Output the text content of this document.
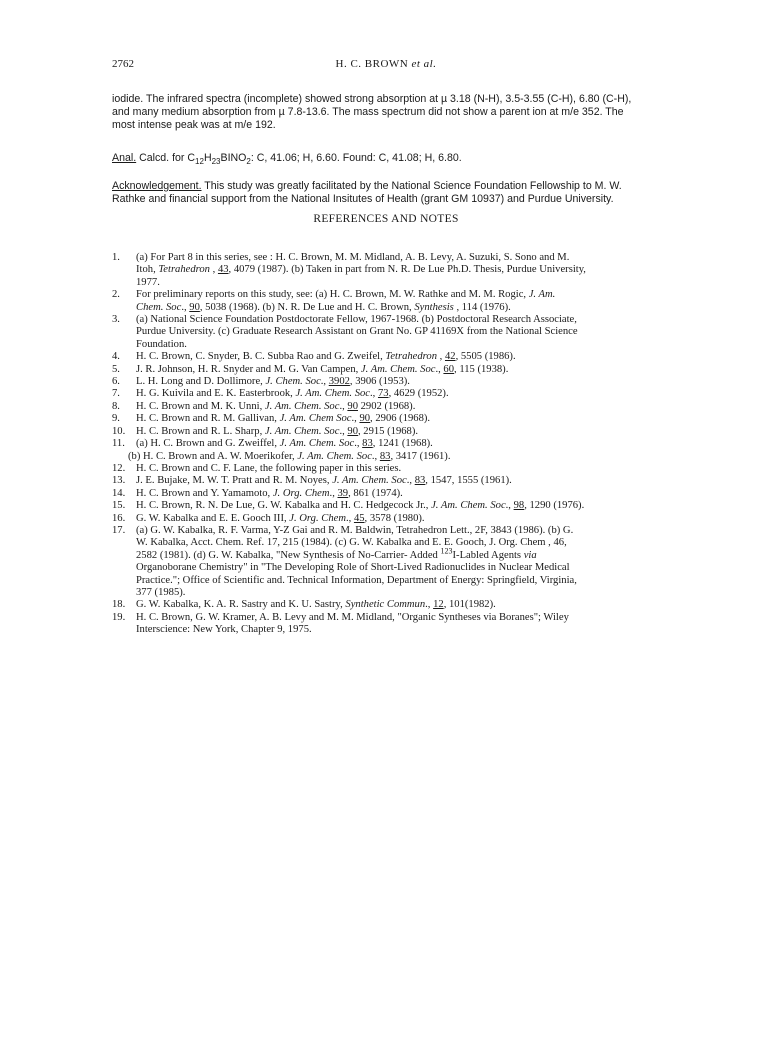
2762	H. C. BROWN et al.
iodide. The infrared spectra (incomplete) showed strong absorption at µ 3.18 (N-H), 3.5-3.55 (C-H), 6.80 (C-H),
and many medium absorption from µ 7.8-13.6. The mass spectrum did not show a parent ion at m/e 352. The
most intense peak was at m/e 192.
Anal. Calcd. for $C_{12}H_{23}BINO_2$: C, 41.06; H, 6.60. Found: C, 41.08; H, 6.80.
Acknowledgement. This study was greatly facilitated by the National Science Foundation Fellowship to M. W.
Rathke and financial support from the National Insitutes of Health (grant GM 10937) and Purdue University.
REFERENCES AND NOTES
1. (a) For Part 8 in this series, see : H. C. Brown, M. M. Midland, A. B. Levy, A. Suzuki, S. Sono and M.
Itoh, Tetrahedron , 43, 4079 (1987). (b) Taken in part from N. R. De Lue Ph.D. Thesis, Purdue University,
1977.
2. For preliminary reports on this study, see: (a) H. C. Brown, M. W. Rathke and M. M. Rogic, J. Am.
Chem. Soc., 90, 5038 (1968). (b) N. R. De Lue and H. C. Brown, Synthesis , 114 (1976).
3. (a) National Science Foundation Postdoctorate Fellow, 1967-1968. (b) Postdoctoral Research Associate,
Purdue University. (c) Graduate Research Assistant on Grant No. GP 41169X from the National Science
Foundation.
4. H. C. Brown, C. Snyder, B. C. Subba Rao and G. Zweifel, Tetrahedron , 42, 5505 (1986).
5. J. R. Johnson, H. R. Snyder and M. G. Van Campen, J. Am. Chem. Soc., 60, 115 (1938).
6. L. H. Long and D. Dollimore, J. Chem. Soc., 3902, 3906 (1953).
7. H. G. Kuivila and E. K. Easterbrook, J. Am. Chem. Soc., 73, 4629 (1952).
8. H. C. Brown and M. K. Unni, J. Am. Chem. Soc., 90 2902 (1968).
9. H. C. Brown and R. M. Gallivan, J. Am. Chem Soc., 90, 2906 (1968).
10. H. C. Brown and R. L. Sharp, J. Am. Chem. Soc., 90, 2915 (1968).
11. (a) H. C. Brown and G. Zweiffel, J. Am. Chem. Soc., 83, 1241 (1968).
(b) H. C. Brown and A. W. Moerikofer, J. Am. Chem. Soc., 83, 3417 (1961).
12. H. C. Brown and C. F. Lane, the following paper in this series.
13. J. E. Bujake, M. W. T. Pratt and R. M. Noyes, J. Am. Chem. Soc., 83, 1547, 1555 (1961).
14. H. C. Brown and Y. Yamamoto, J. Org. Chem., 39, 861 (1974).
15. H. C. Brown, R. N. De Lue, G. W. Kabalka and H. C. Hedgecock Jr., J. Am. Chem. Soc., 98, 1290 (1976).
16. G. W. Kabalka and E. E. Gooch III, J. Org. Chem., 45, 3578 (1980).
17. (a) G. W. Kabalka, R. F. Varma, Y-Z Gai and R. M. Baldwin, Tetrahedron Lett., 2F, 3843 (1986). (b) G.
W. Kabalka, Acct. Chem. Ref. 17, 215 (1984). (c) G. W. Kabalka and E. E. Gooch, J. Org. Chem , 46,
2582 (1981). (d) G. W. Kabalka, "New Synthesis of No-Carrier- Added $^{123}$I-Labled Agents via
Organoborane Chemistry" in "The Developing Role of Short-Lived Radionuclides in Nuclear Medical
Practice."; Office of Scientific and. Technical Information, Department of Energy: Springfield, Virginia,
377 (1985).
18. G. W. Kabalka, K. A. R. Sastry and K. U. Sastry, Synthetic Commun., 12, 101(1982).
19. H. C. Brown, G. W. Kramer, A. B. Levy and M. M. Midland, "Organic Syntheses via Boranes"; Wiley
Interscience: New York, Chapter 9, 1975.
